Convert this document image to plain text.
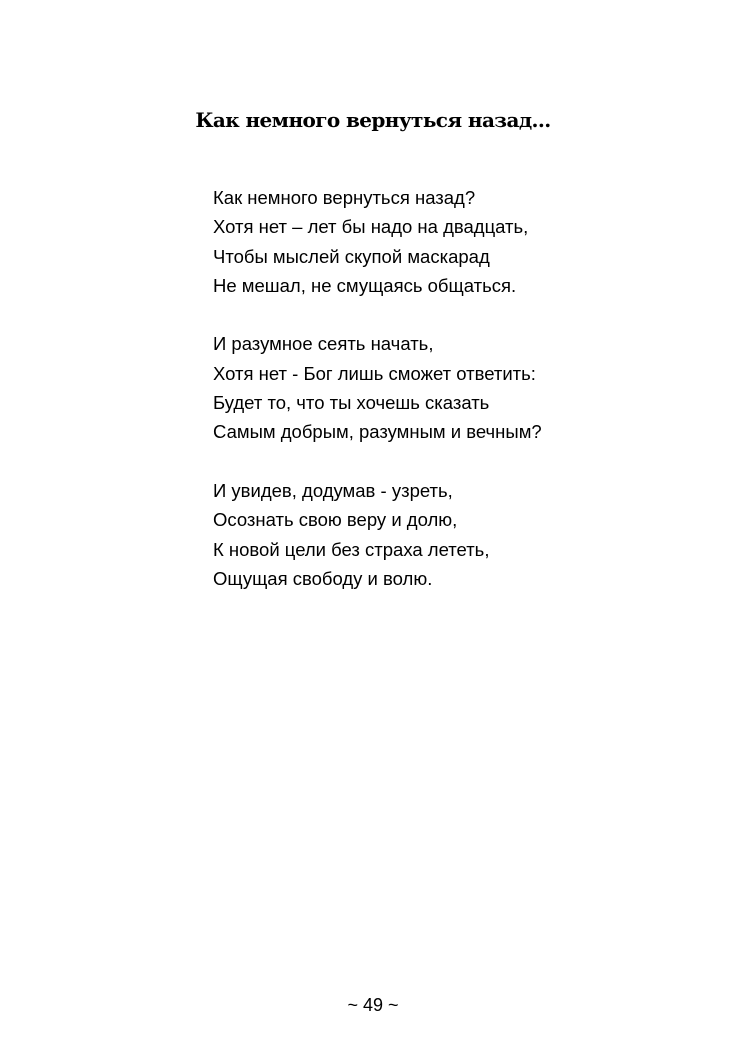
Как немного вернуться назад...
Как немного вернуться назад?
Хотя нет – лет бы надо на двадцать,
Чтобы мыслей скупой маскарад
Не мешал, не смущаясь общаться.
И разумное сеять начать,
Хотя нет - Бог лишь сможет ответить:
Будет то, что ты хочешь сказать
Самым добрым, разумным и вечным?
И увидев, додумав - узреть,
Осознать свою веру и долю,
К новой цели без страха лететь,
Ощущая свободу и волю.
~ 49 ~
